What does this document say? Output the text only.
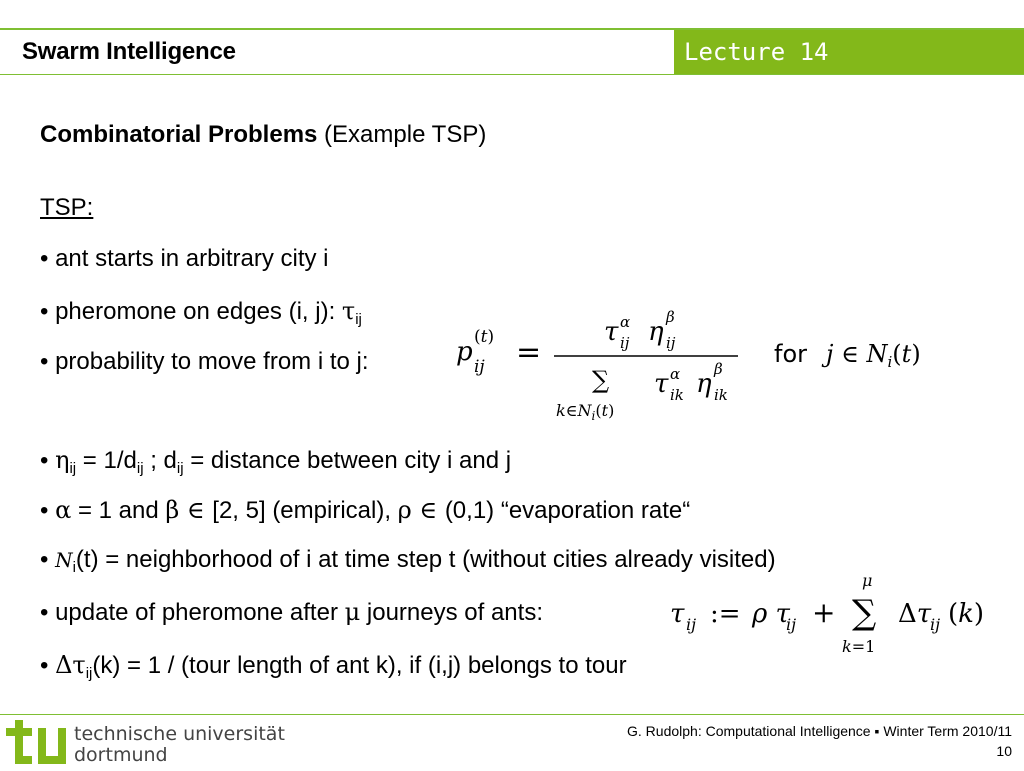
Swarm Intelligence	Lecture 14
Combinatorial Problems (Example TSP)
TSP:
• ant starts in arbitrary city i
• pheromone on edges (i, j): $\tau_{ij}$
• probability to move from i to j:	p (t)
ij =
τ α
ij η β
ij
∑
$k\in N_i(t)$
τ α
ik η β
ik
for j ∈ $N_i(t)$
• $\eta_{ij} = 1/d_{ij}$ ; $d_{ij}$ = distance between city i and j
• α = 1 and β ∈ [2, 5] (empirical), ρ ∈ (0,1) “evaporation rate“
• $N_i(t)$ = neighborhood of i at time step t (without cities already visited)
• update of pheromone after μ journeys of ants:	τ ij := ρ τ
ij +
μ
∑
k=1
Δτ
ij (k)
• $\Delta\tau_{ij}(k) = 1$ / (tour length of ant k), if (i,j) belongs to tour
technische universität
dortmund
G. Rudolph: Computational Intelligence ▪ Winter Term 2010/11
10
